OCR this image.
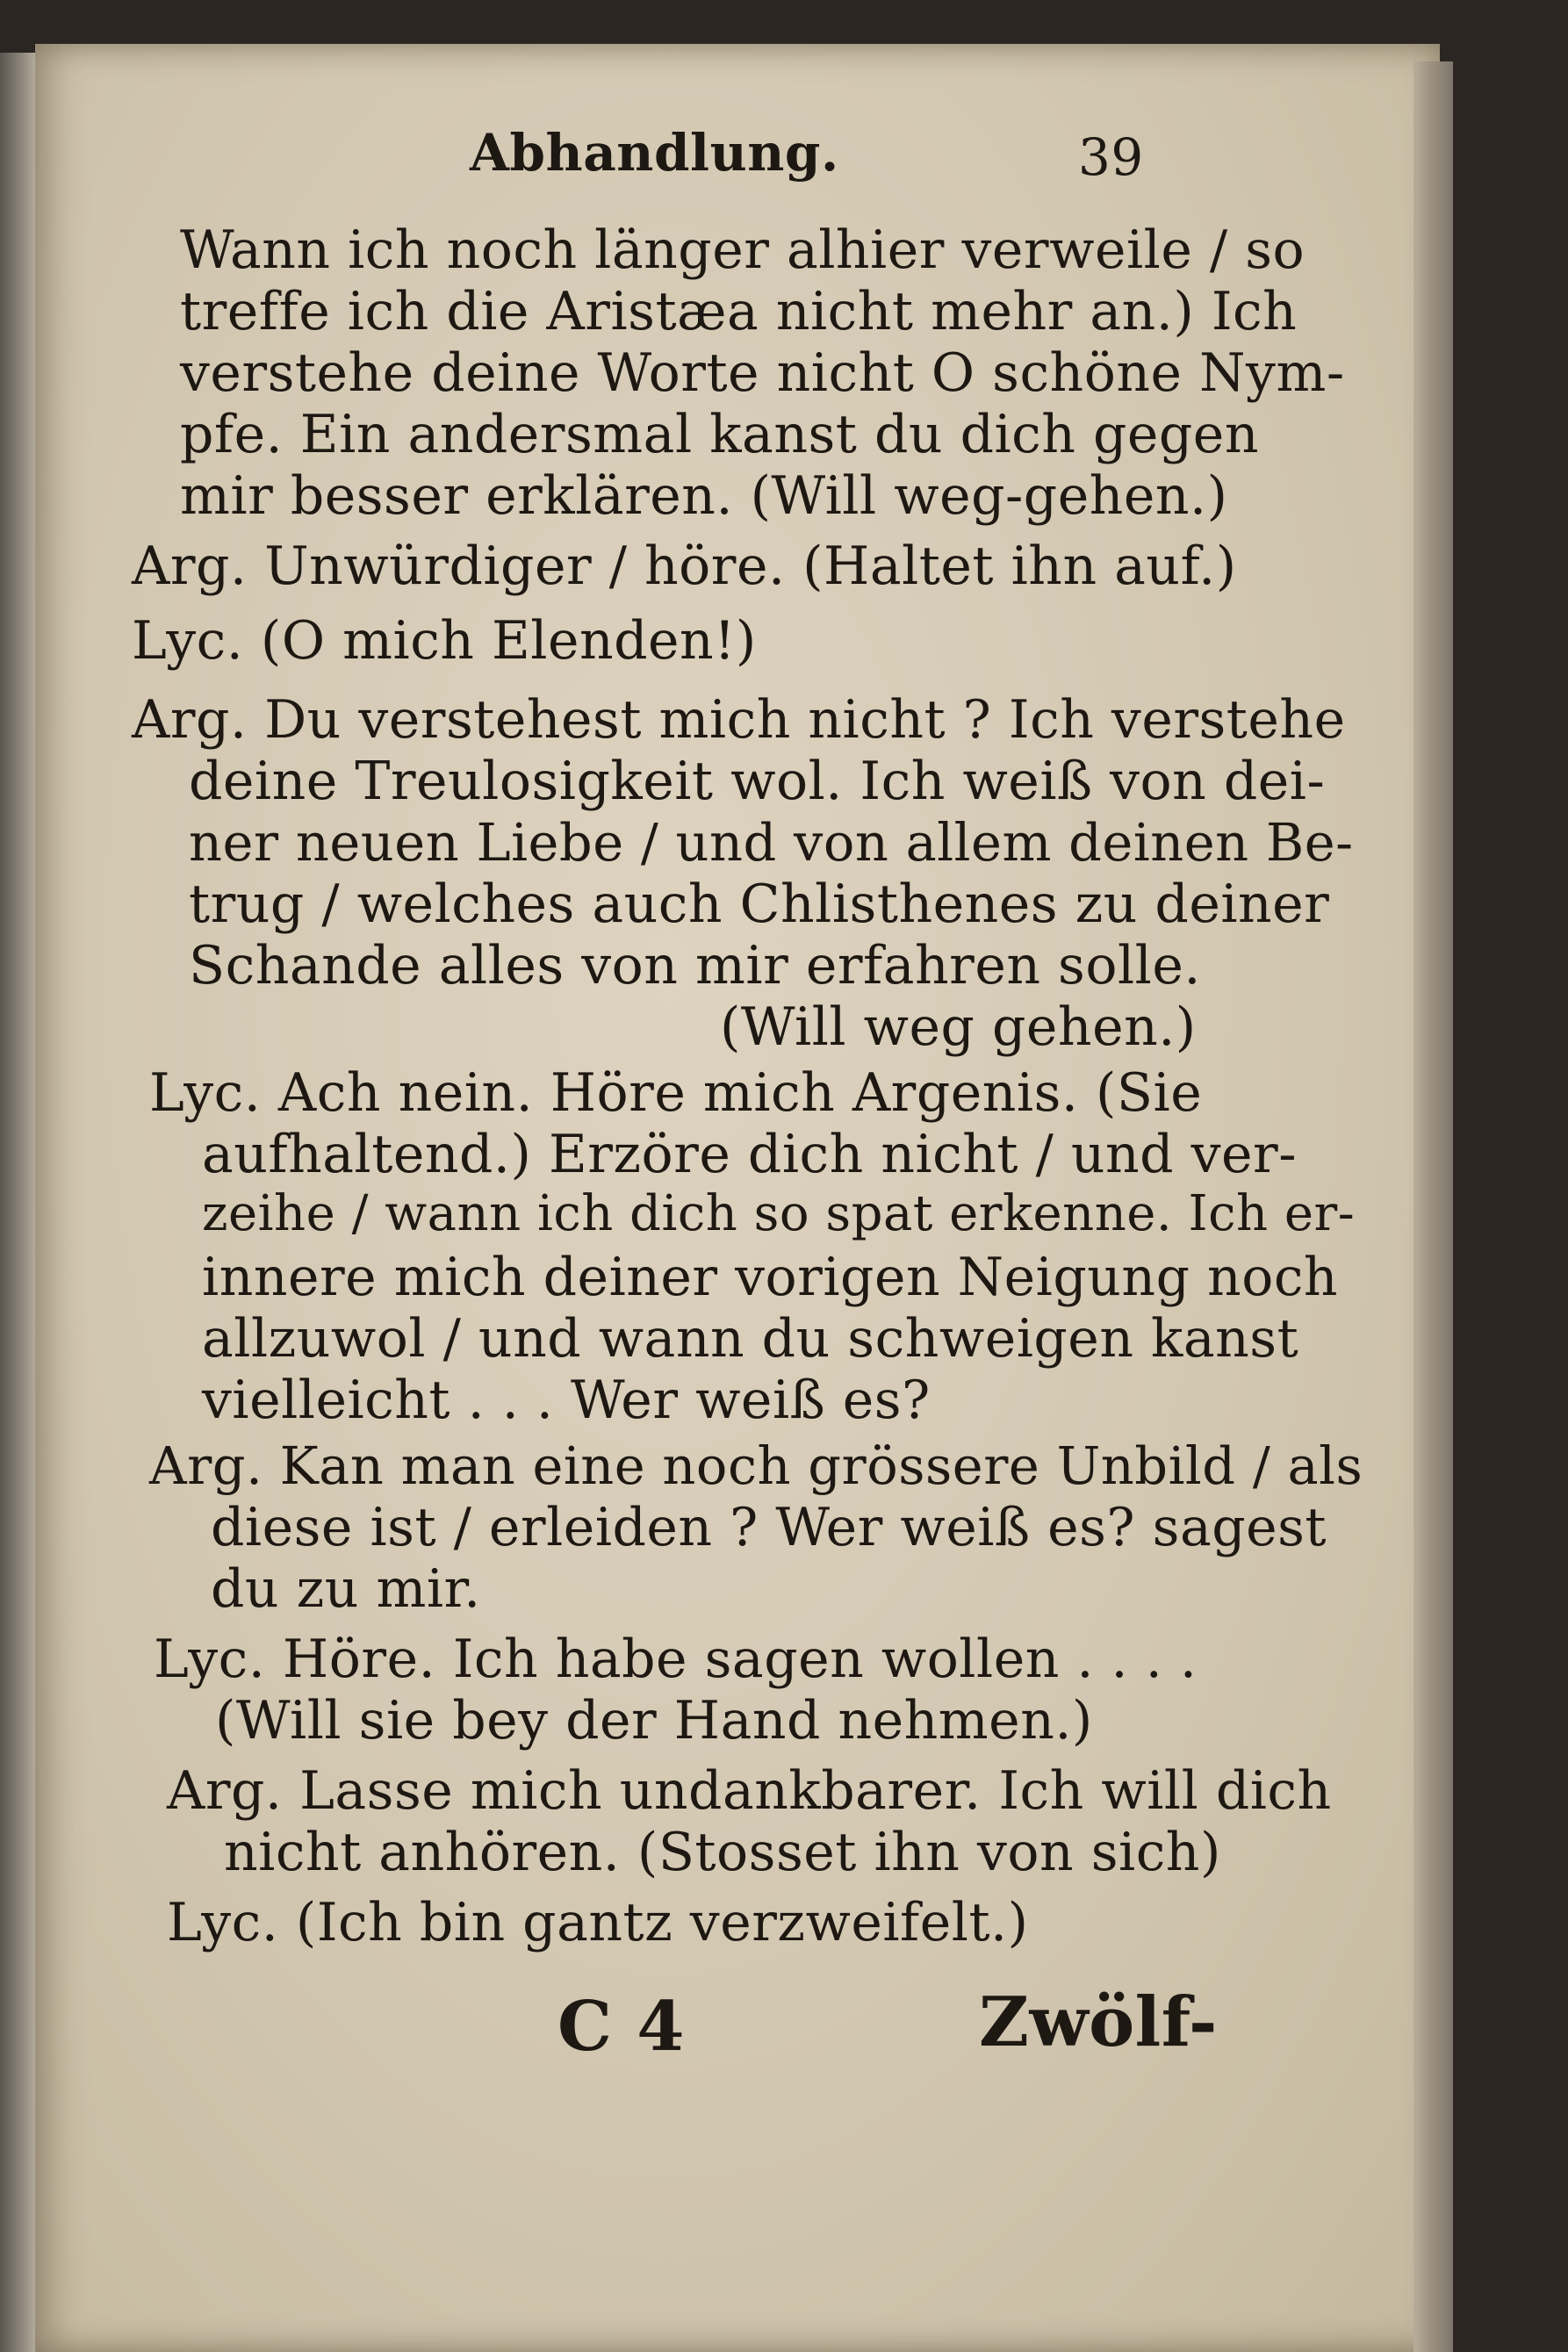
Abhandlung.	39
Wann ich noch länger alhier verweile / so
treffe ich die Aristæa nicht mehr an.) Ich
verstehe deine Worte nicht O schöne Nym-
pfe. Ein andersmal kanst du dich gegen
mir besser erklären. (Will weg-gehen.)
Arg. Unwürdiger / höre. (Haltet ihn auf.)
Lyc. (O mich Elenden!)
Arg. Du verstehest mich nicht ? Ich verstehe
deine Treulosigkeit wol. Ich weiß von dei-
ner neuen Liebe / und von allem deinen Be-
trug / welches auch Chlisthenes zu deiner
Schande alles von mir erfahren solle.
(Will weg gehen.)
Lyc. Ach nein. Höre mich Argenis. (Sie
aufhaltend.) Erzöre dich nicht / und ver-
zeihe / wann ich dich so spat erkenne. Ich er-
innere mich deiner vorigen Neigung noch
allzuwol / und wann du schweigen kanst
vielleicht . . . Wer weiß es?
Arg. Kan man eine noch grössere Unbild / als
diese ist / erleiden ? Wer weiß es? sagest
du zu mir.
Lyc. Höre. Ich habe sagen wollen . . . .
(Will sie bey der Hand nehmen.)
Arg. Lasse mich undankbarer. Ich will dich
nicht anhören. (Stosset ihn von sich)
Lyc. (Ich bin gantz verzweifelt.)
C 4	Zwölf-
